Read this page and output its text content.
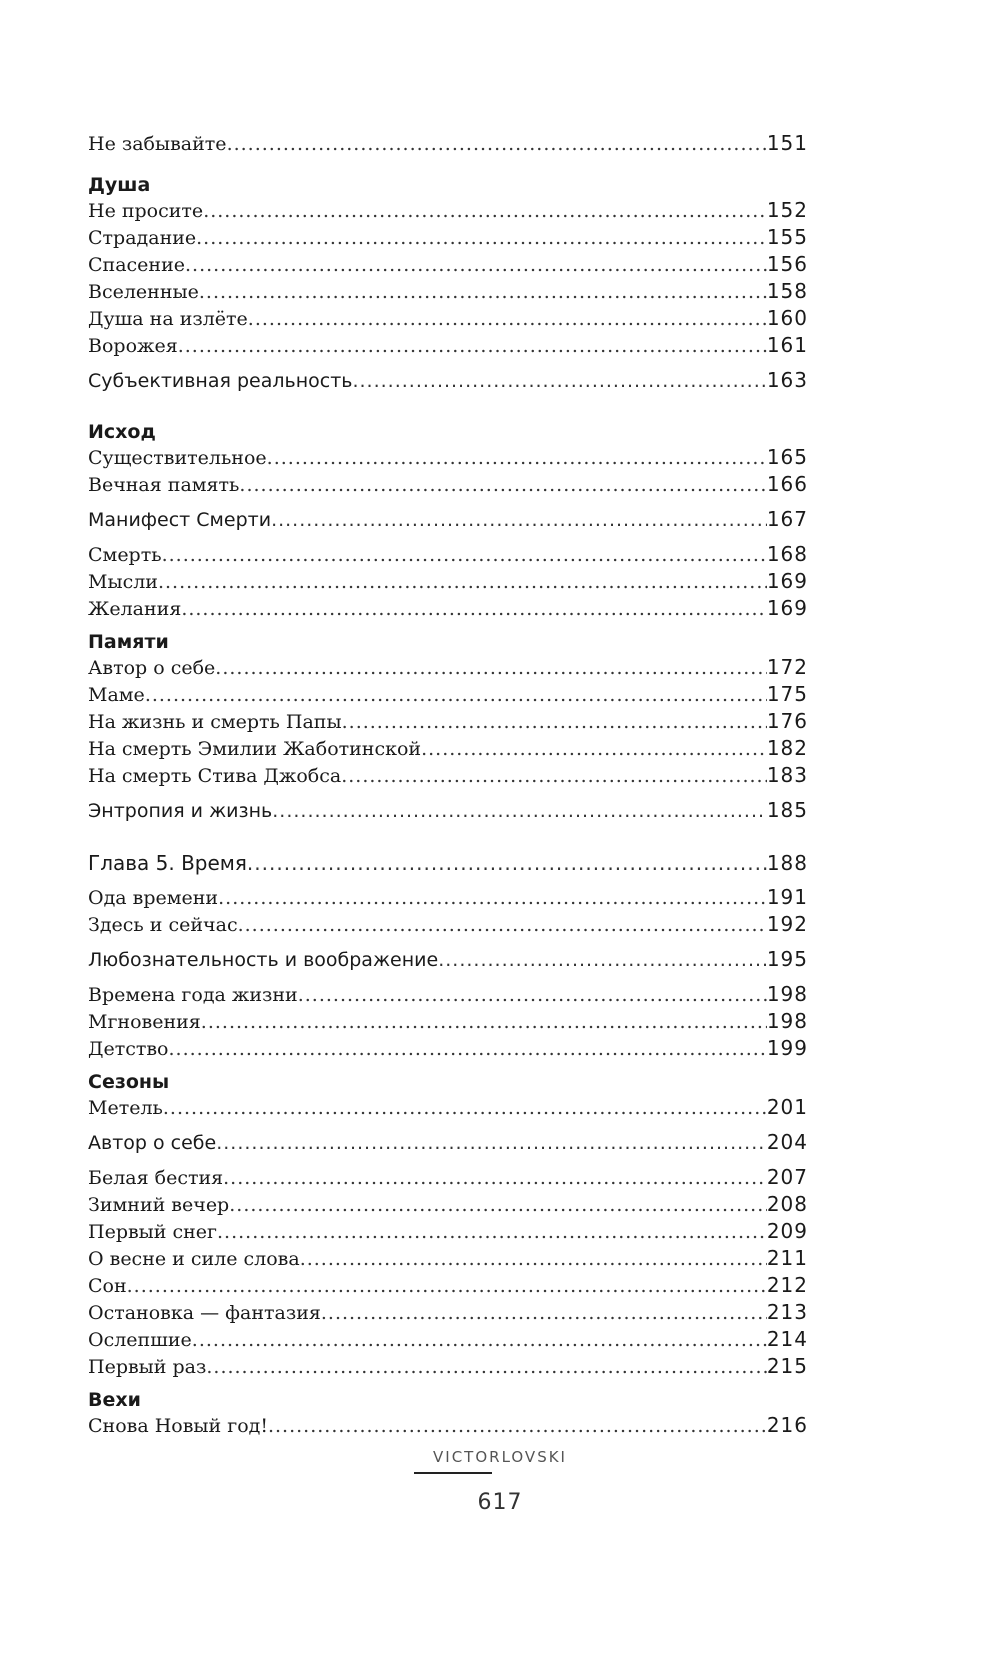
Не забывайте .....	151
Душа
Не просите .....	152
Страдание .....	155
Спасение .....	156
Вселенные .....	158
Душа на излёте .....	160
Ворожея .....	161
Субъективная реальность .....	163
Исход
Существительное .....	165
Вечная память .....	166
Манифест Смерти .....	167
Смерть .....	168
Мысли .....	169
Желания .....	169
Памяти
Автор о себе .....	172
Маме .....	175
На жизнь и смерть Папы .....	176
На смерть Эмилии Жаботинской .....	182
На смерть Стива Джобса .....	183
Энтропия и жизнь .....	185
Глава 5. Время .....	188
Ода времени .....	191
Здесь и сейчас .....	192
Любознательность и воображение .....	195
Времена года жизни .....	198
Мгновения .....	198
Детство .....	199
Сезоны
Метель .....	201
Автор о себе .....	204
Белая бестия .....	207
Зимний вечер .....	208
Первый снег .....	209
О весне и силе слова .....	211
Сон .....	212
Остановка — фантазия .....	213
Ослепшие .....	214
Первый раз .....	215
Вехи
Снова Новый год! .....	216
VICTORLOVSKI
617
